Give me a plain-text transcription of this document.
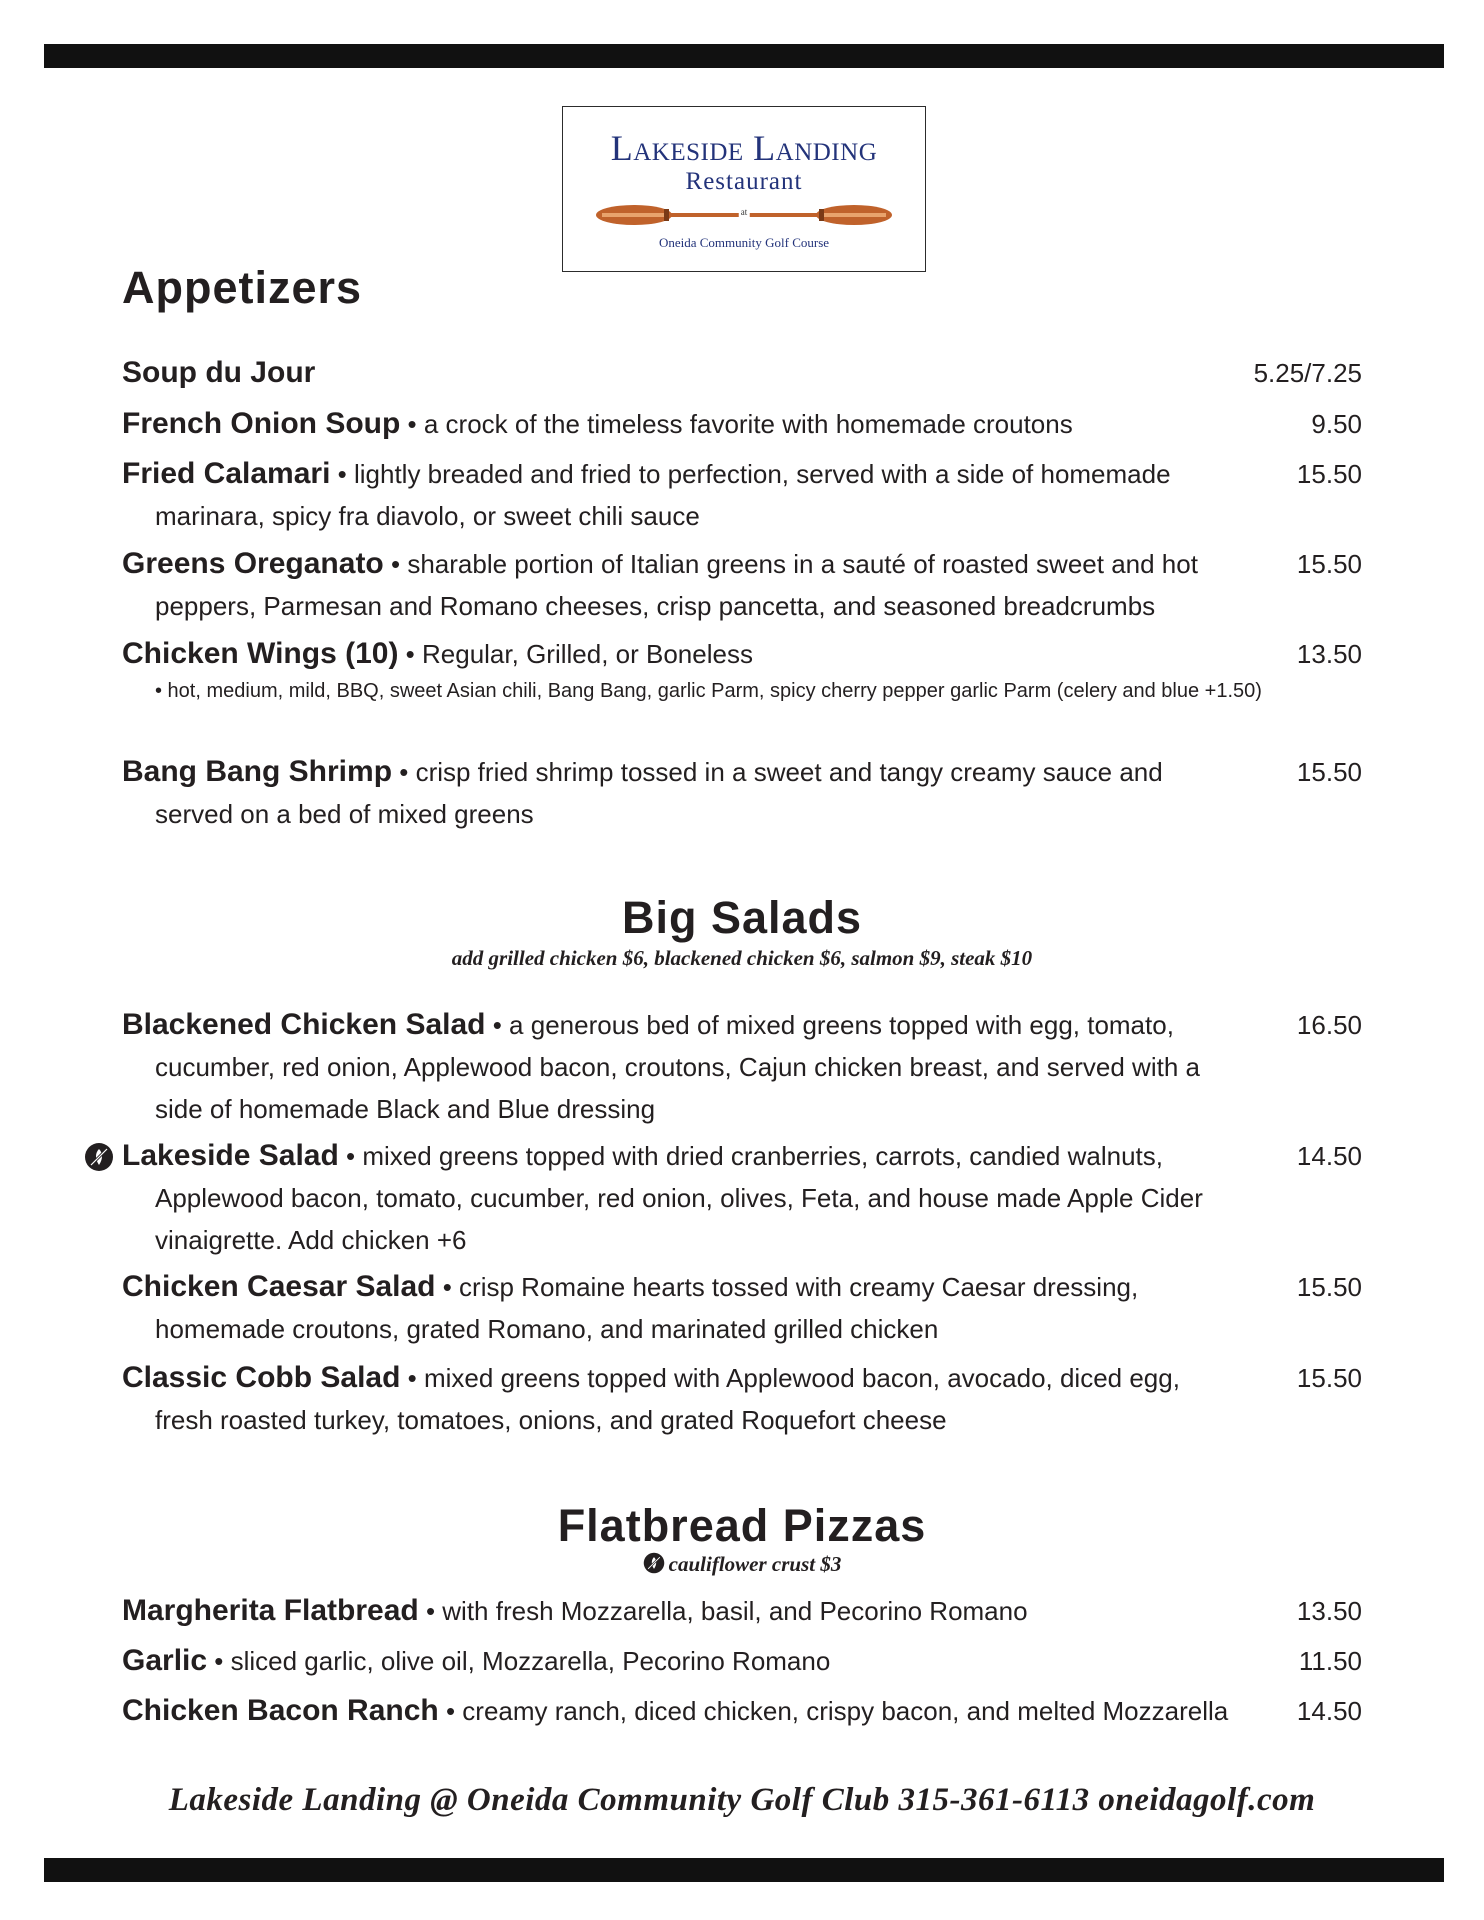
Lakeside Landing
Restaurant
at
Oneida Community Golf Course
Appetizers
Soup du Jour	5.25/7.25
French Onion Soup • a crock of the timeless favorite with homemade croutons	9.50
Fried Calamari • lightly breaded and fried to perfection, served with a side of homemade
marinara, spicy fra diavolo, or sweet chili sauce
15.50
Greens Oreganato • sharable portion of Italian greens in a sauté of roasted sweet and hot
peppers, Parmesan and Romano cheeses, crisp pancetta, and seasoned breadcrumbs
15.50
Chicken Wings (10) • Regular, Grilled, or Boneless
• hot, medium, mild, BBQ, sweet Asian chili, Bang Bang, garlic Parm, spicy cherry pepper garlic Parm (celery and blue +1.50)
13.50
Bang Bang Shrimp • crisp fried shrimp tossed in a sweet and tangy creamy sauce and
served on a bed of mixed greens
15.50
Big Salads
add grilled chicken $6, blackened chicken $6, salmon $9, steak $10
Blackened Chicken Salad • a generous bed of mixed greens topped with egg, tomato,
cucumber, red onion, Applewood bacon, croutons, Cajun chicken breast, and served with a side of homemade Black and Blue dressing
16.50
Lakeside Salad • mixed greens topped with dried cranberries, carrots, candied walnuts,
Applewood bacon, tomato, cucumber, red onion, olives, Feta, and house made Apple Cider vinaigrette. Add chicken +6
14.50
Chicken Caesar Salad • crisp Romaine hearts tossed with creamy Caesar dressing,
homemade croutons, grated Romano, and marinated grilled chicken
15.50
Classic Cobb Salad • mixed greens topped with Applewood bacon, avocado, diced egg,
fresh roasted turkey, tomatoes, onions, and grated Roquefort cheese
15.50
Flatbread Pizzas
cauliflower crust $3
Margherita Flatbread • with fresh Mozzarella, basil, and Pecorino Romano	13.50
Garlic • sliced garlic, olive oil, Mozzarella, Pecorino Romano	11.50
Chicken Bacon Ranch • creamy ranch, diced chicken, crispy bacon, and melted Mozzarella	14.50
Lakeside Landing @ Oneida Community Golf Club 315-361-6113 oneidagolf.com
